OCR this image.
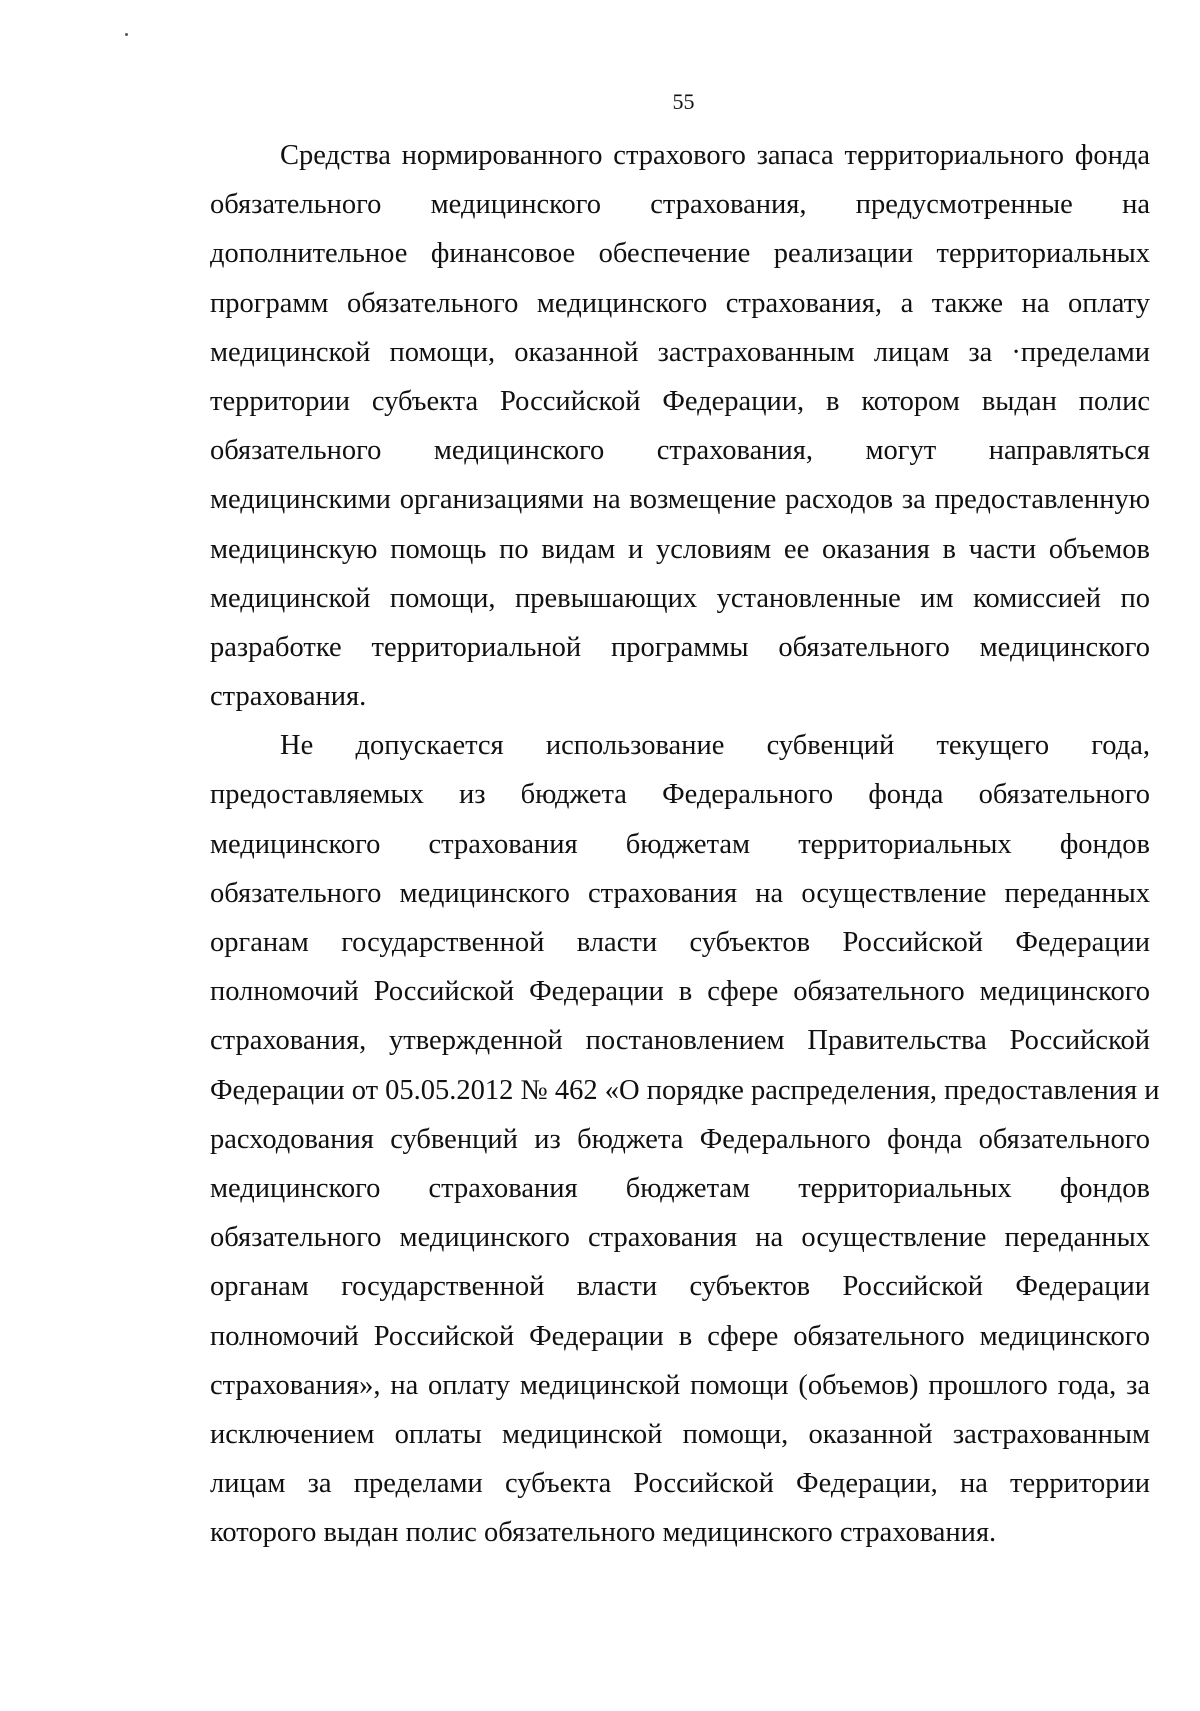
55
Средства нормированного страхового запаса территориального фонда
обязательного медицинского страхования, предусмотренные на
дополнительное финансовое обеспечение реализации территориальных
программ обязательного медицинского страхования, а также на оплату
медицинской помощи, оказанной застрахованным лицам за ·пределами
территории субъекта Российской Федерации, в котором выдан полис
обязательного медицинского страхования, могут направляться
медицинскими организациями на возмещение расходов за предоставленную
медицинскую помощь по видам и условиям ее оказания в части объемов
медицинской помощи, превышающих установленные им комиссией по
разработке территориальной программы обязательного медицинского
страхования.
Не допускается использование субвенций текущего года,
предоставляемых из бюджета Федерального фонда обязательного
медицинского страхования бюджетам территориальных фондов
обязательного медицинского страхования на осуществление переданных
органам государственной власти субъектов Российской Федерации
полномочий Российской Федерации в сфере обязательного медицинского
страхования, утвержденной постановлением Правительства Российской
Федерации от 05.05.2012 № 462 «О порядке распределения, предоставления и
расходования субвенций из бюджета Федерального фонда обязательного
медицинского страхования бюджетам территориальных фондов
обязательного медицинского страхования на осуществление переданных
органам государственной власти субъектов Российской Федерации
полномочий Российской Федерации в сфере обязательного медицинского
страхования», на оплату медицинской помощи (объемов) прошлого года, за
исключением оплаты медицинской помощи, оказанной застрахованным
лицам за пределами субъекта Российской Федерации, на территории
которого выдан полис обязательного медицинского страхования.
